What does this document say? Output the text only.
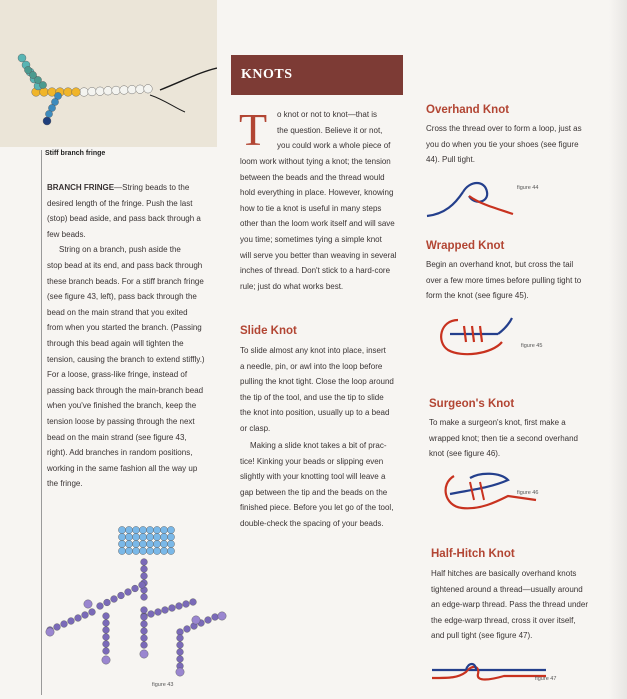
Stiff branch fringe

BRANCH FRINGE—String beads to the
desired length of the fringe. Push the last
(stop) bead aside, and pass back through a
few beads.

String on a branch, push aside the
stop bead at its end, and pass back through
these branch beads. For a stiff branch fringe
(see figure 43, left), pass back through the
bead on the main strand that you exited
from when you started the branch. (Passing
through this bead again will tighten the
tension, causing the branch to extend stiffly.)
For a loose, grass-like fringe, instead of
passing back through the main-branch bead
when you've finished the branch, keep the
tension loose by passing through the next
bead on the main strand (see figure 43,
right). Add branches in random positions,
working in the same fashion all the way up
the fringe.

figure 43
KNOTS
T o knot or not to knot—that is
the question. Believe it or not,
you could work a whole piece of
loom work without tying a knot; the tension
between the beads and the thread would
hold everything in place. However, knowing
how to tie a knot is useful in many steps
other than the loom work itself and will save
you time; sometimes tying a simple knot
will serve you better than weaving in several
inches of thread. Don't stick to a hard-core
rule; just do what works best.

Slide Knot
To slide almost any knot into place, insert
a needle, pin, or awl into the loop before
pulling the knot tight. Close the loop around
the tip of the tool, and use the tip to slide
the knot into position, usually up to a bead
or clasp.

Making a slide knot takes a bit of prac-
tice! Kinking your beads or slipping even
slightly with your knotting tool will leave a
gap between the tip and the beads on the
finished piece. Before you let go of the tool,
double-check the spacing of your beads.

Overhand Knot
Cross the thread over to form a loop, just as
you do when you tie your shoes (see figure
44). Pull tight.

figure 44
Wrapped Knot
Begin an overhand knot, but cross the tail
over a few more times before pulling tight to
form the knot (see figure 45).

figure 45
Surgeon's Knot
To make a surgeon's knot, first make a
wrapped knot; then tie a second overhand
knot (see figure 46).

figure 46
Half-Hitch Knot
Half hitches are basically overhand knots
tightened around a thread—usually around
an edge-warp thread. Pass the thread under
the edge-warp thread, cross it over itself,
and pull tight (see figure 47).

figure 47
